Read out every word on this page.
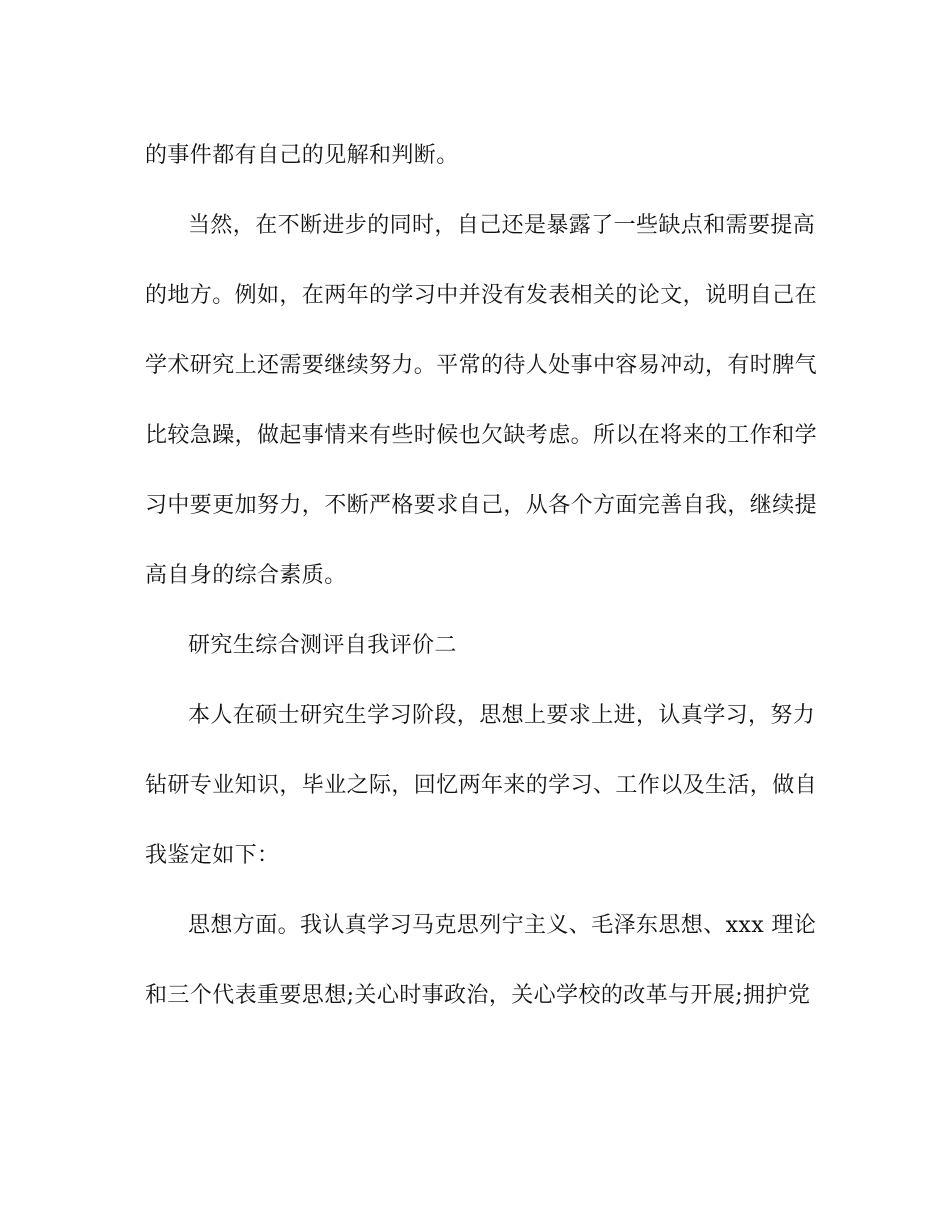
的事件都有自己的见解和判断。
当然，在不断进步的同时，自己还是暴露了一些缺点和需要提高
的地方。例如，在两年的学习中并没有发表相关的论文，说明自己在
学术研究上还需要继续努力。平常的待人处事中容易冲动，有时脾气
比较急躁，做起事情来有些时候也欠缺考虑。所以在将来的工作和学
习中要更加努力，不断严格要求自己，从各个方面完善自我，继续提
高自身的综合素质。
研究生综合测评自我评价二
本人在硕士研究生学习阶段，思想上要求上进，认真学习，努力
钻研专业知识，毕业之际，回忆两年来的学习、工作以及生活，做自
我鉴定如下：
思想方面。我认真学习马克思列宁主义、毛泽东思想、xxx 理论
和三个代表重要思想;关心时事政治，关心学校的改革与开展;拥护党
